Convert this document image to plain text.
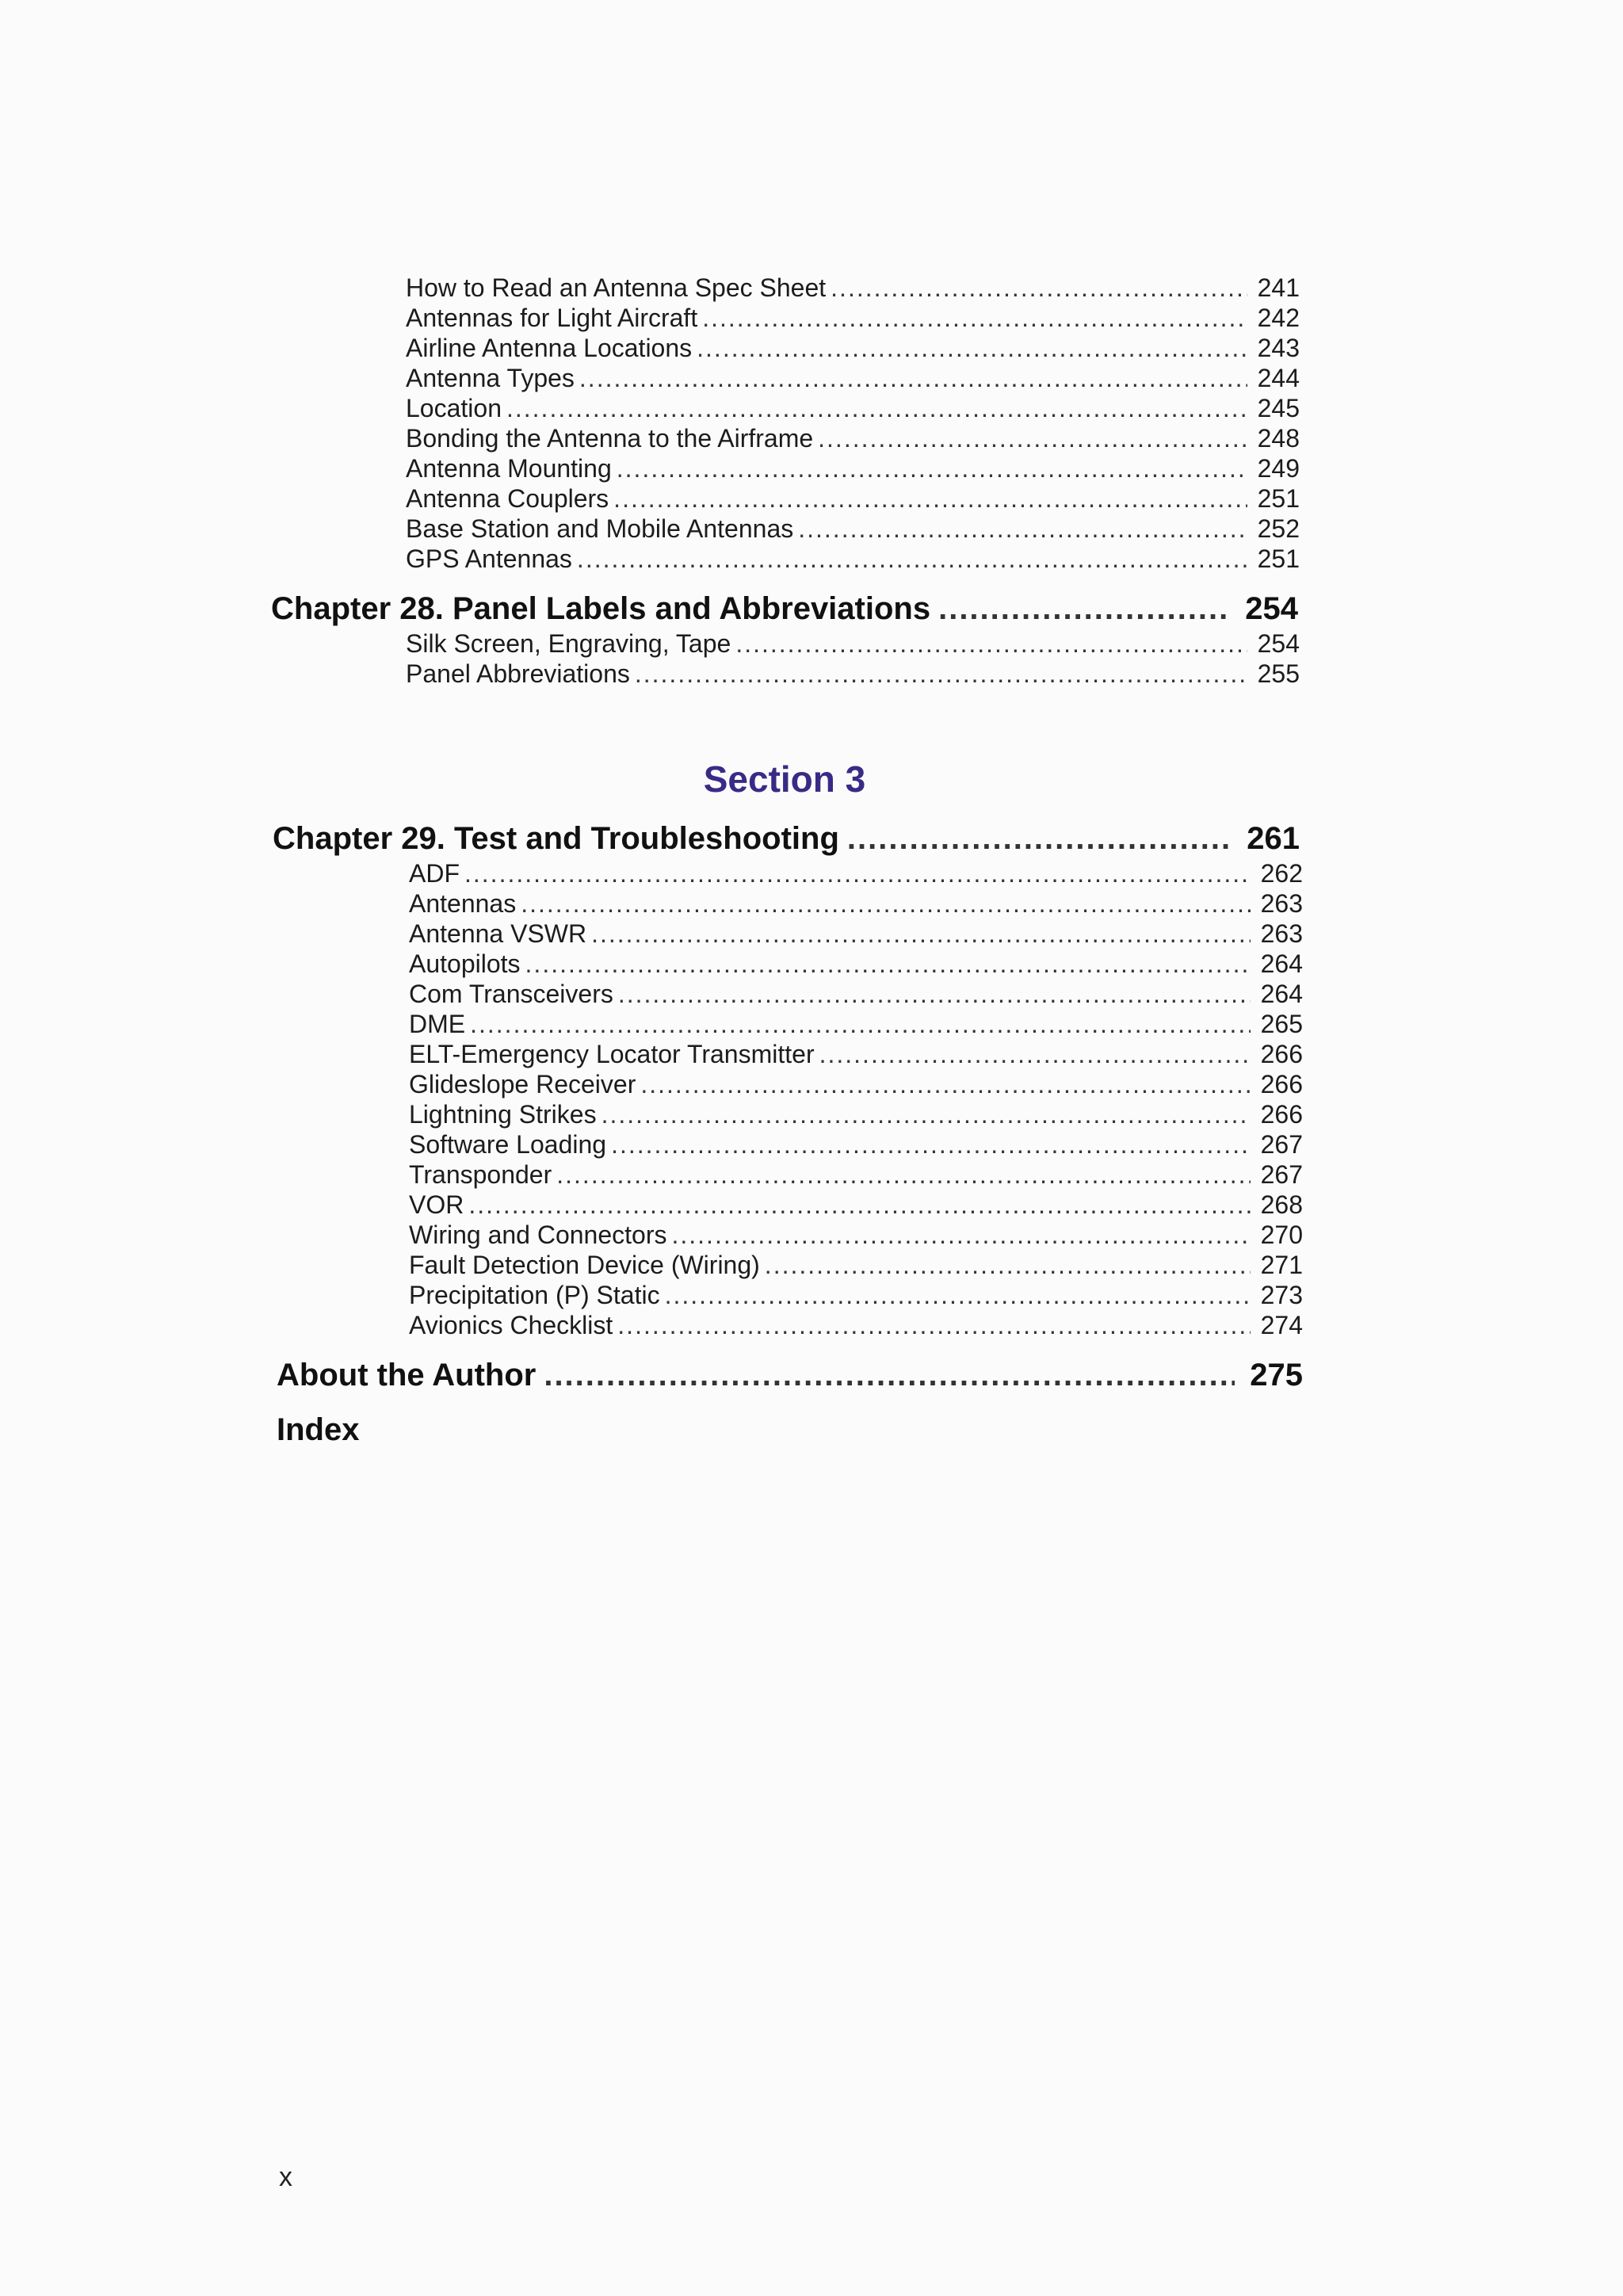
How to Read an Antenna Spec Sheet .....	241
Antennas for Light Aircraft .....	242
Airline Antenna Locations .....	243
Antenna Types .....	244
Location .....	245
Bonding the Antenna to the Airframe .....	248
Antenna Mounting .....	249
Antenna Couplers .....	251
Base Station and Mobile Antennas .....	252
GPS Antennas .....	251
Chapter 28. Panel Labels and Abbreviations .....	254
Silk Screen, Engraving, Tape .....	254
Panel Abbreviations .....	255
Section 3
Chapter 29. Test and Troubleshooting .....	261
ADF .....	262
Antennas .....	263
Antenna VSWR .....	263
Autopilots .....	264
Com Transceivers .....	264
DME .....	265
ELT-Emergency Locator Transmitter .....	266
Glideslope Receiver .....	266
Lightning Strikes .....	266
Software Loading .....	267
Transponder .....	267
VOR .....	268
Wiring and Connectors .....	270
Fault Detection Device (Wiring) .....	271
Precipitation (P) Static .....	273
Avionics Checklist .....	274
About the Author .....	275
Index
x
